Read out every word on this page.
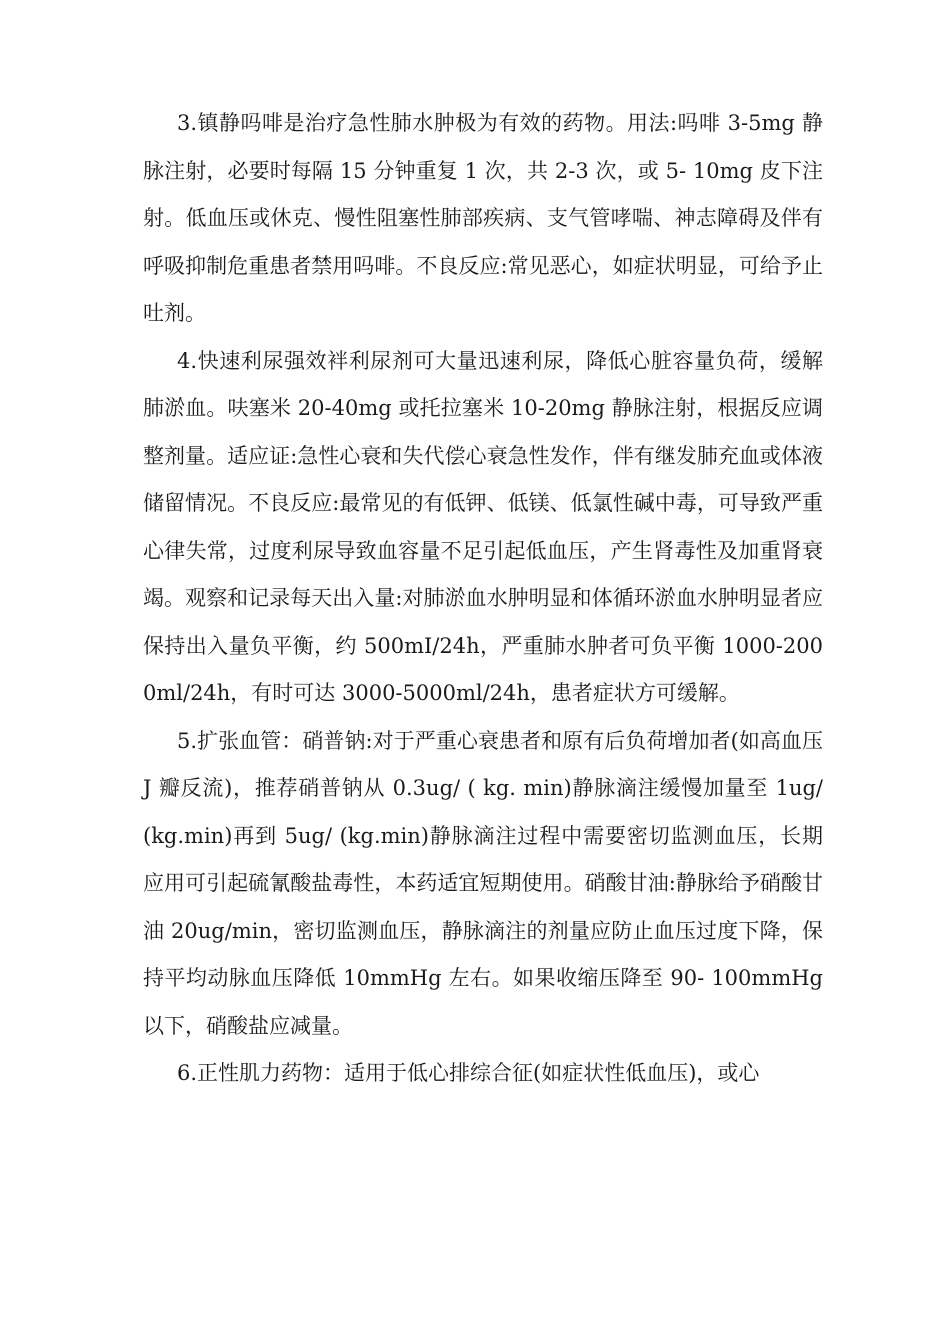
3.镇静吗啡是治疗急性肺水肿极为有效的药物。用法:吗啡 3-5mg 静脉注射，必要时每隔 15 分钟重复 1 次，共 2-3 次，或 5- 10mg 皮下注射。低血压或休克、慢性阻塞性肺部疾病、支气管哮喘、神志障碍及伴有呼吸抑制危重患者禁用吗啡。不良反应:常见恶心，如症状明显，可给予止吐剂。

4.快速利尿强效袢利尿剂可大量迅速利尿，降低心脏容量负荷，缓解肺淤血。呋塞米 20-40mg 或托拉塞米 10-20mg 静脉注射，根据反应调整剂量。适应证:急性心衰和失代偿心衰急性发作，伴有继发肺充血或体液储留情况。不良反应:最常见的有低钾、低镁、低氯性碱中毒，可导致严重心律失常，过度利尿导致血容量不足引起低血压，产生肾毒性及加重肾衰竭。观察和记录每天出入量:对肺淤血水肿明显和体循环淤血水肿明显者应保持出入量负平衡，约 500mI/24h，严重肺水肿者可负平衡 1000-2000ml/24h，有时可达 3000-5000ml/24h，患者症状方可缓解。

5.扩张血管：硝普钠:对于严重心衰患者和原有后负荷增加者(如高血压 J 瓣反流)，推荐硝普钠从 0.3ug/ ( kg. min)静脉滴注缓慢加量至 1ug/(kg.min)再到 5ug/ (kg.min)静脉滴注过程中需要密切监测血压，长期应用可引起硫氰酸盐毒性，本药适宜短期使用。硝酸甘油:静脉给予硝酸甘油 20ug/min，密切监测血压，静脉滴注的剂量应防止血压过度下降，保持平均动脉血压降低 10mmHg 左右。如果收缩压降至 90- 100mmHg 以下，硝酸盐应减量。

6.正性肌力药物：适用于低心排综合征(如症状性低血压)，或心
